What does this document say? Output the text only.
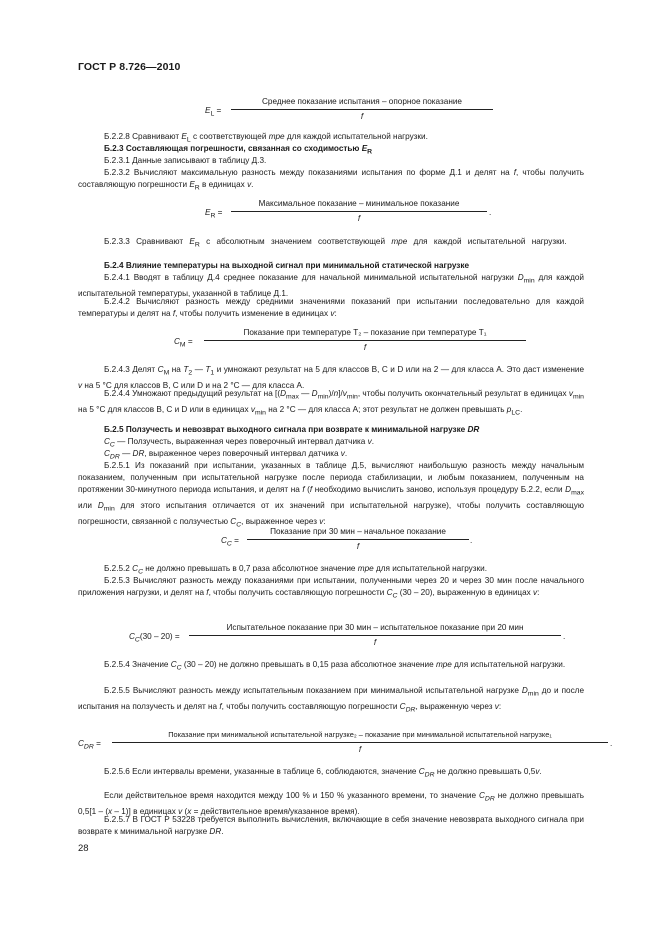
ГОСТ Р 8.726—2010
$E_L$ =
Среднее показание испытания – опорное показание
f
Б.2.2.8 Сравнивают $E_L$ с соответствующей mpe для каждой испытательной нагрузки.
Б.2.3 Составляющая погрешности, связанная со сходимостью $E_R$
Б.2.3.1 Данные записывают в таблицу Д.3.
Б.2.3.2 Вычисляют максимальную разность между показаниями испытания по форме Д.1 и делят на f, чтобы получить составляющую погрешности $E_R$ в единицах v.
$E_R$ =
Максимальное показание – минимальное показание
f
.
Б.2.3.3 Сравнивают $E_R$ с абсолютным значением соответствующей mpe для каждой испытательной нагрузки.
Б.2.4 Влияние температуры на выходной сигнал при минимальной статической нагрузке
Б.2.4.1 Вводят в таблицу Д.4 среднее показание для начальной минимальной испытательной нагрузки $D_{min}$ для каждой испытательной температуры, указанной в таблице Д.1.
Б.2.4.2 Вычисляют разность между средними значениями показаний при испытании последовательно для каждой температуры и делят на f, чтобы получить изменение в единицах v:
$C_M$ =
Показание при температуре T₂ – показание при температуре T₁
f
Б.2.4.3 Делят $C_M$ на $T_2$ — $T_1$ и умножают результат на 5 для классов B, C и D или на 2 — для класса A. Это даст изменение v на 5 °C для классов B, C или D и на 2 °C — для класса A.
Б.2.4.4 Умножают предыдущий результат на [($D_{max}$ — $D_{min})/n]/v_{min}$, чтобы получить окончательный результат в единицах $v_{min}$ на 5 °C для классов B, C и D или в единицах $v_{min}$ на 2 °C — для класса A; этот результат не должен превышать $p_{LC}$.
Б.2.5 Ползучесть и невозврат выходного сигнала при возврате к минимальной нагрузке DR
$C_C$ — Ползучесть, выраженная через поверочный интервал датчика v.
$C_{DR}$ — DR, выраженное через поверочный интервал датчика v.
Б.2.5.1 Из показаний при испытании, указанных в таблице Д.5, вычисляют наибольшую разность между начальным показанием, полученным при испытательной нагрузке после периода стабилизации, и любым показанием, полученным на протяжении 30-минутного периода испытания, и делят на f (f необходимо вычислить заново, используя процедуру Б.2.2, если $D_{max}$ или $D_{min}$ для этого испытания отличается от их значений при испытательной нагрузке), чтобы получить составляющую погрешности, связанной с ползучестью $C_C$, выраженное через v:
$C_C$ =
Показание при 30 мин – начальное показание
f
.
Б.2.5.2 $C_C$ не должно превышать в 0,7 раза абсолютное значение mpe для испытательной нагрузки.
Б.2.5.3 Вычисляют разность между показаниями при испытании, полученными через 20 и через 30 мин после начального приложения нагрузки, и делят на f, чтобы получить составляющую погрешности $C_C$ (30 – 20), выраженную в единицах v:
$C_C(30 - 20)$ =
Испытательное показание при 30 мин – испытательное показание при 20 мин
f
.
Б.2.5.4 Значение $C_C$ (30 – 20) не должно превышать в 0,15 раза абсолютное значение mpe для испытательной нагрузки.
Б.2.5.5 Вычисляют разность между испытательным показанием при минимальной испытательной нагрузке $D_{min}$ до и после испытания на ползучесть и делят на f, чтобы получить составляющую погрешности $C_{DR}$, выраженную через v:
$C_{DR}$ =
Показание при минимальной испытательной нагрузке₂ – показание при минимальной испытательной нагрузке₁
f
.
Б.2.5.6 Если интервалы времени, указанные в таблице 6, соблюдаются, значение $C_{DR}$ не должно превышать 0,5v.
Если действительное время находится между 100 % и 150 % указанного времени, то значение $C_{DR}$ не должно превышать 0,5[1 – (x – 1)] в единицах v (x = действительное время/указанное время).
Б.2.5.7 В ГОСТ Р 53228 требуется выполнить вычисления, включающие в себя значение невозврата выходного сигнала при возврате к минимальной нагрузке DR.
28
